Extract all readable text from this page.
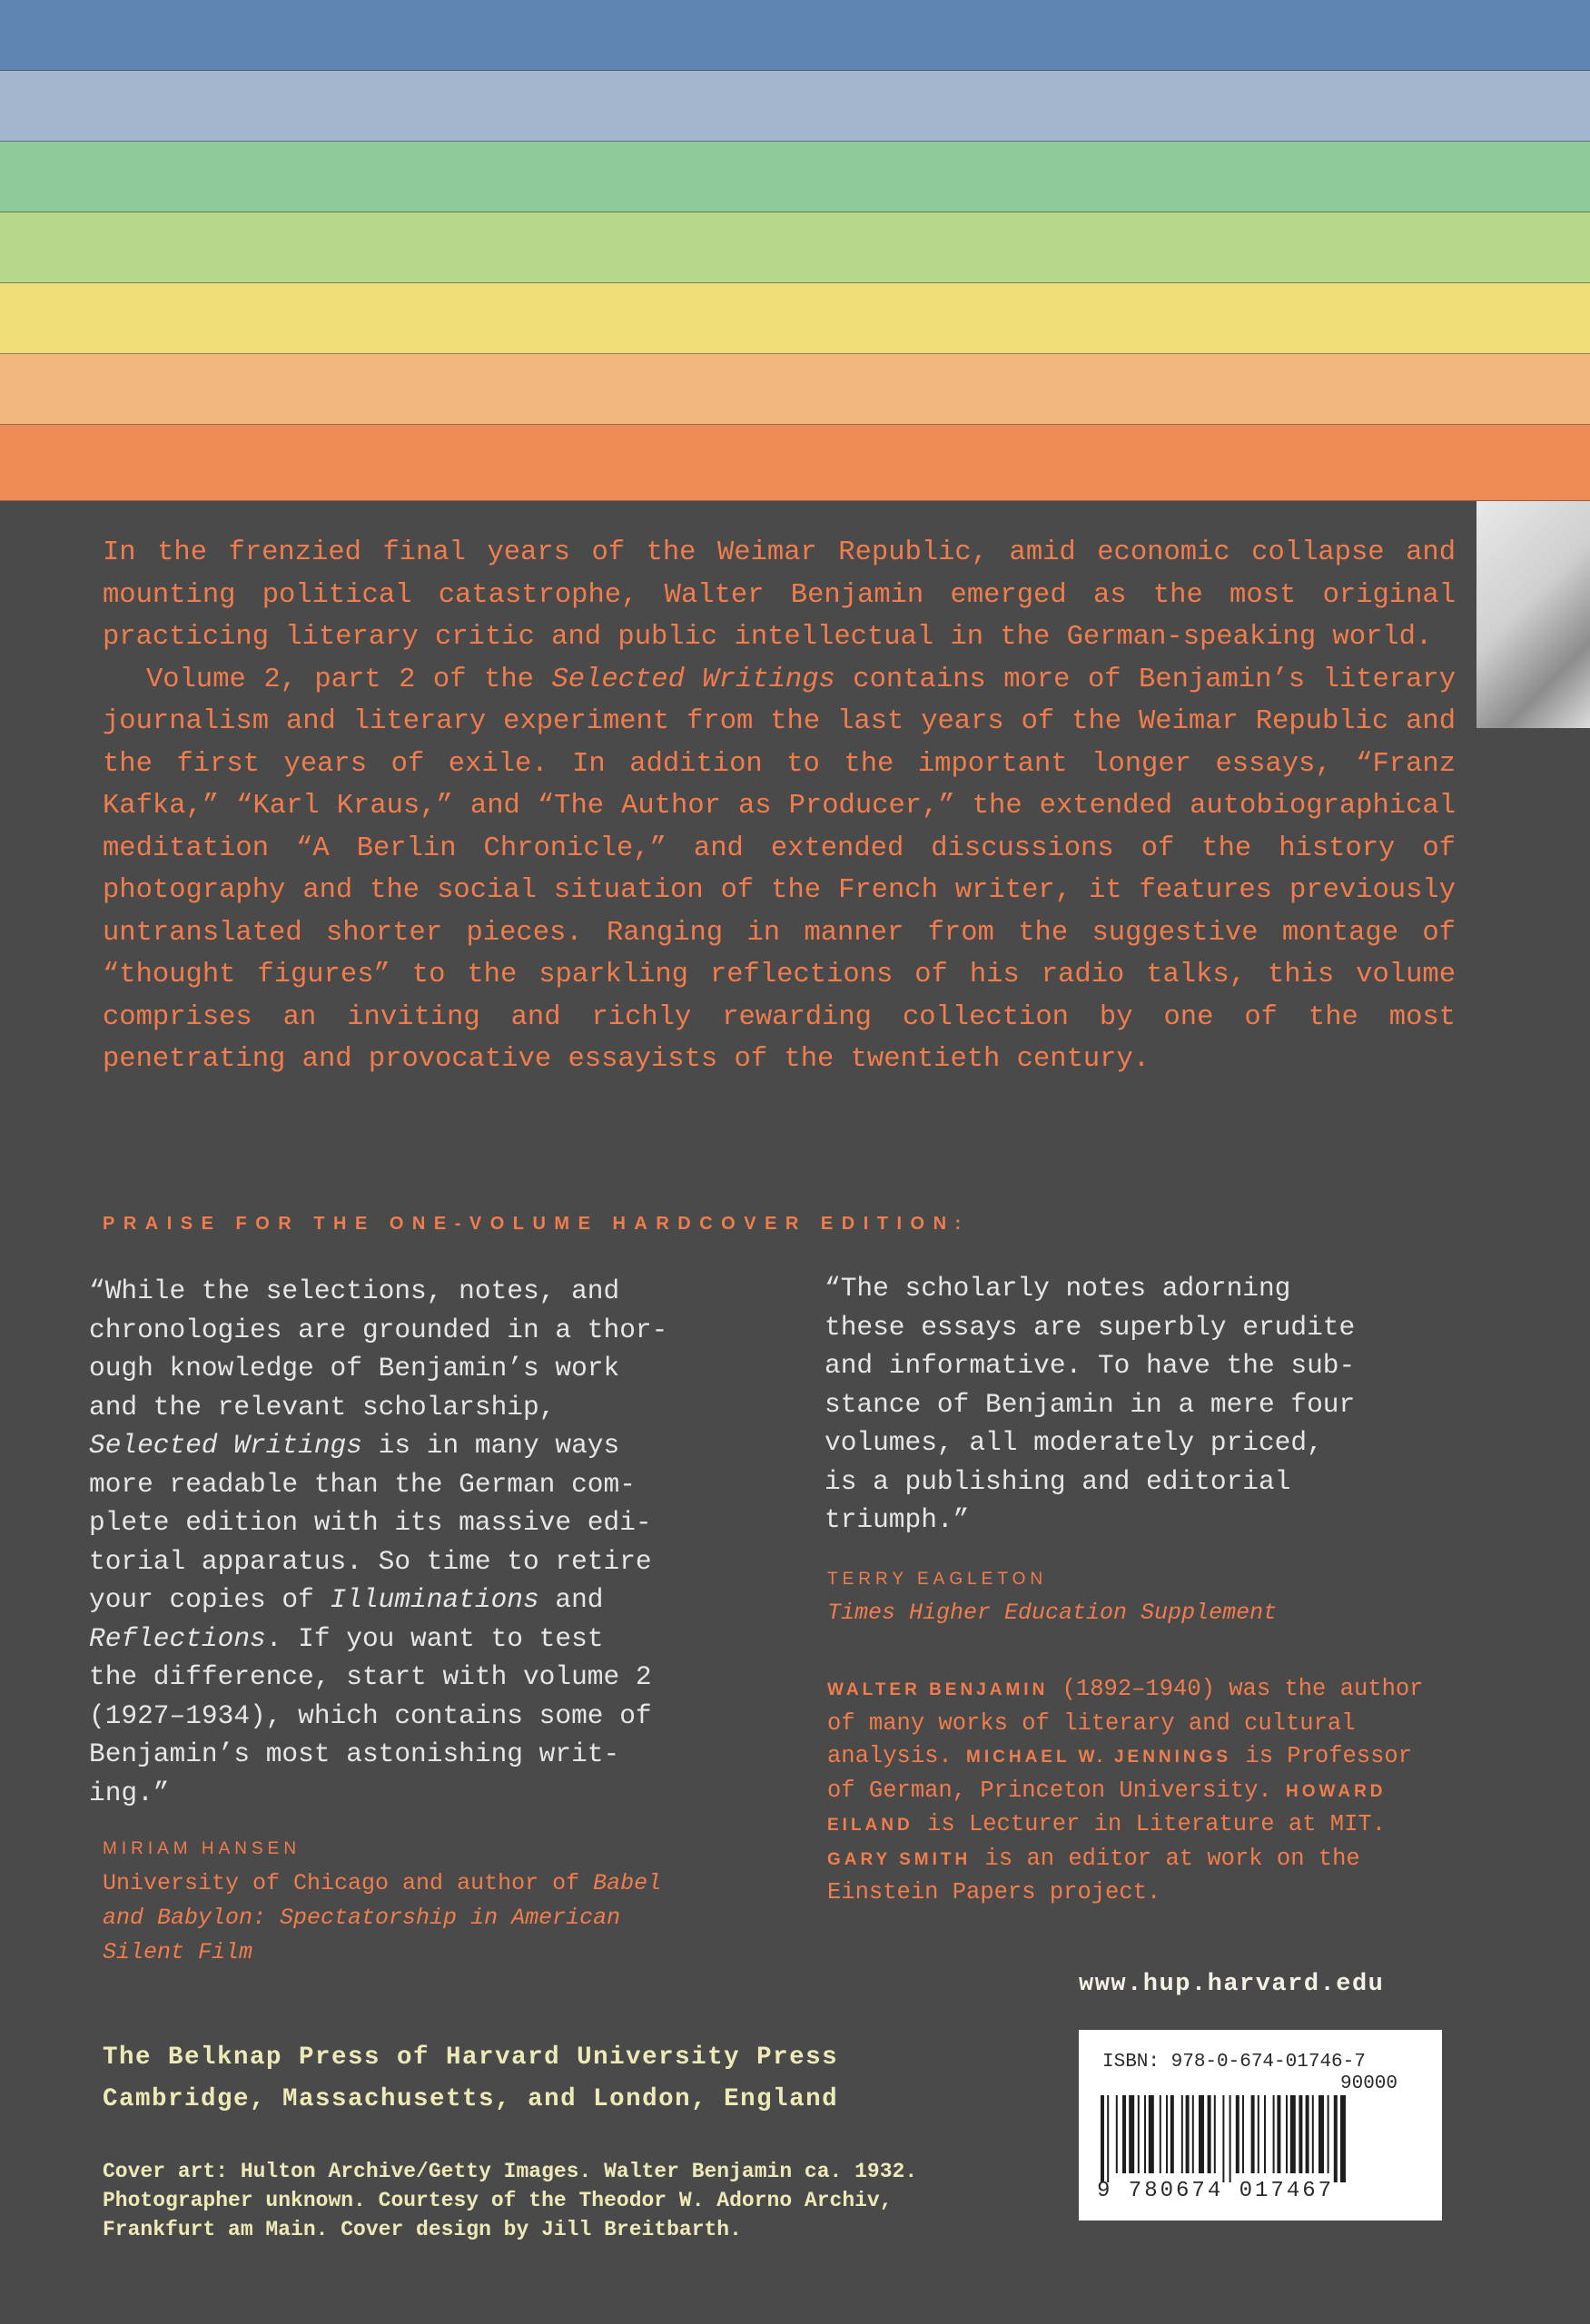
In the frenzied final years of the Weimar Republic, amid economic collapse and mounting political catastrophe, Walter Benjamin emerged as the most original practicing literary critic and public intellectual in the German-speaking world.

Volume 2, part 2 of the Selected Writings contains more of Benjamin’s literary journalism and literary experiment from the last years of the Weimar Republic and the first years of exile. In addition to the important longer essays, “Franz Kafka,” “Karl Kraus,” and “The Author as Producer,” the extended autobiographical meditation “A Berlin Chronicle,” and extended discussions of the history of photography and the social situation of the French writer, it features previously untranslated shorter pieces. Ranging in manner from the suggestive montage of “thought figures” to the sparkling reflections of his radio talks, this volume comprises an inviting and richly rewarding collection by one of the most penetrating and provocative essayists of the twentieth century.

PRAISE FOR THE ONE-VOLUME HARDCOVER EDITION:
“While the selections, notes, and
chronologies are grounded in a thor-
ough knowledge of Benjamin’s work
and the relevant scholarship,
Selected Writings is in many ways
more readable than the German com-
plete edition with its massive edi-
torial apparatus. So time to retire
your copies of Illuminations and
Reflections. If you want to test
the difference, start with volume 2
(1927–1934), which contains some of
Benjamin’s most astonishing writ-
ing.”
MIRIAM HANSEN
University of Chicago and author of Babel
and Babylon: Spectatorship in American
Silent Film
“The scholarly notes adorning
these essays are superbly erudite
and informative. To have the sub-
stance of Benjamin in a mere four
volumes, all moderately priced,
is a publishing and editorial
triumph.”
TERRY EAGLETON
Times Higher Education Supplement

WALTER BENJAMIN (1892–1940) was the author of many works of literary and cultural analysis. MICHAEL W. JENNINGS is Professor of German, Princeton University. HOWARD EILAND is Lecturer in Literature at MIT. GARY SMITH is an editor at work on the Einstein Papers project.

www.hup.harvard.edu
The Belknap Press of Harvard University Press
Cambridge, Massachusetts, and London, England
Cover art: Hulton Archive/Getty Images. Walter Benjamin ca. 1932.
Photographer unknown. Courtesy of the Theodor W. Adorno Archiv,
Frankfurt am Main. Cover design by Jill Breitbarth.
ISBN: 978-0-674-01746-7
90000
9 780674 017467
